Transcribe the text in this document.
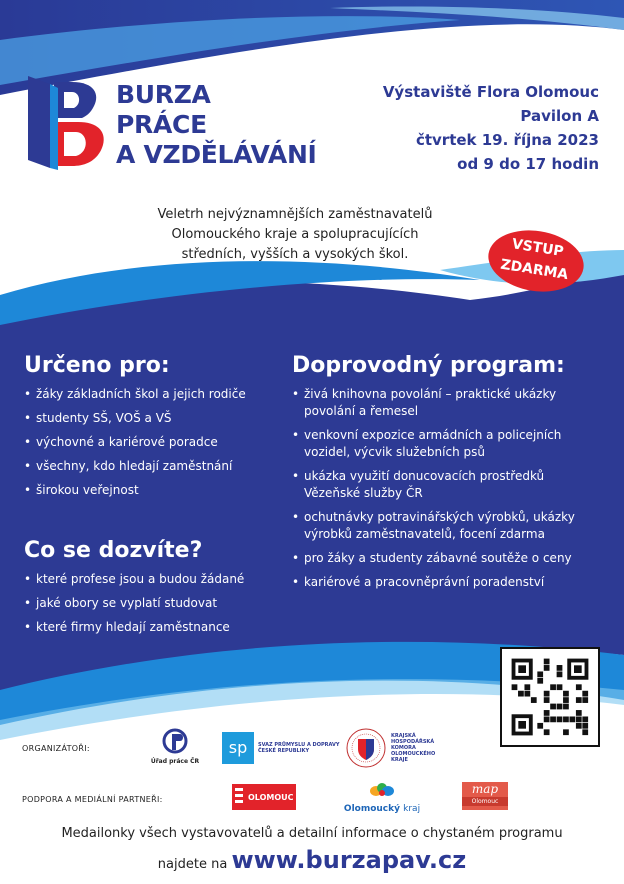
BURZA
PRÁCE
A VZDĚLÁVÁNÍ
Výstaviště Flora Olomouc
Pavilon A
čtvrtek 19. října 2023
od 9 do 17 hodin
Veletrh nejvýznamnějších zaměstnavatelů
Olomouckého kraje a spolupracujících
středních, vyšších a vysokých škol.	VSTUP
ZDARMA
Určeno pro:
• žáky základních škol a jejich rodiče
• studenty SŠ, VOŠ a VŠ
• výchovné a kariérové poradce
• všechny, kdo hledají zaměstnání
• širokou veřejnost
Co se dozvíte?
• které profese jsou a budou žádané
• jaké obory se vyplatí studovat
• které firmy hledají zaměstnance
Doprovodný program:
• živá knihovna povolání – praktické ukázky povolání a řemesel
• venkovní expozice armádních a policejních vozidel, výcvik služebních psů
• ukázka využití donucovacích prostředků Vězeňské služby ČR
• ochutnávky potravinářských výrobků, ukázky výrobků zaměstnavatelů, focení zdarma
• pro žáky a studenty zábavné soutěže o ceny
• kariérové a pracovněprávní poradenství
ORGANIZÁTOŘI:
Úřad práce ČR
sp	SVAZ PRŮMYSLU A DOPRAVY
ČESKÉ REPUBLIKY
KRAJSKÁ
HOSPODÁŘSKÁ
KOMORA
OLOMOUCKÉHO
KRAJE
PODPORA A MEDIÁLNÍ PARTNEŘI:	OLOMOUC
Olomoucký kraj
map
Olomouc
Medailonky všech vystavovatelů a detailní informace o chystaném programu
najdete na www.burzapav.cz
